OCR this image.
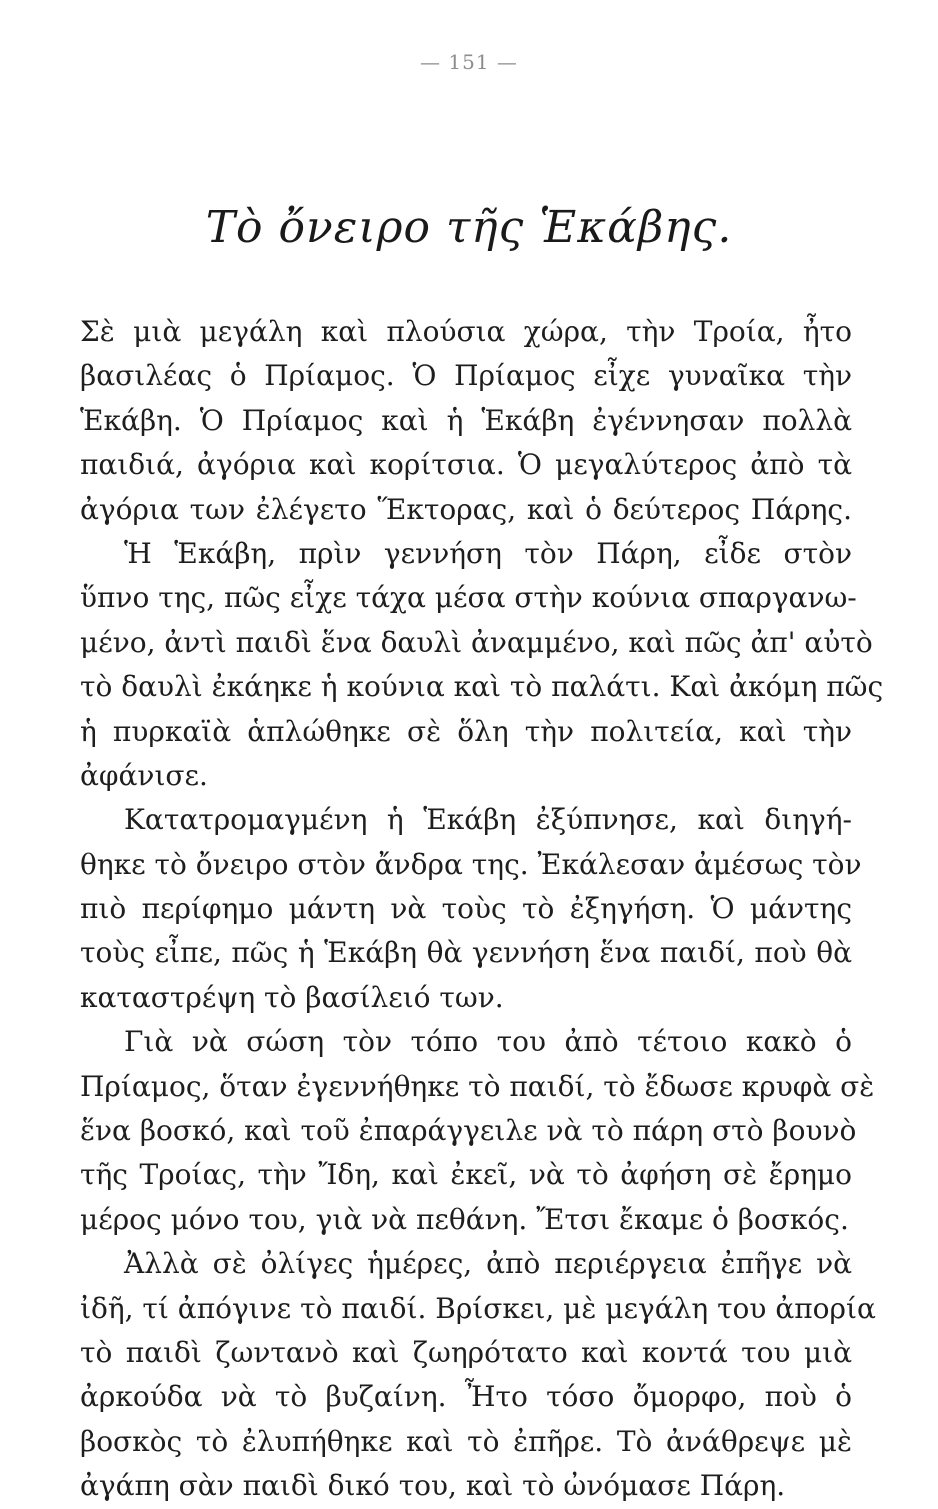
— 151 —
Τὸ ὄνειρο τῆς Ἑκάβης.
Σὲ μιὰ μεγάλη καὶ πλούσια χώρα, τὴν Τροία, ἦτο
βασιλέας ὁ Πρίαμος. Ὁ Πρίαμος εἶχε γυναῖκα τὴν
Ἑκάβη. Ὁ Πρίαμος καὶ ἡ Ἑκάβη ἐγέννησαν πολλὰ
παιδιά, ἀγόρια καὶ κορίτσια. Ὁ μεγαλύτερος ἀπὸ τὰ
ἀγόρια των ἐλέγετο Ἕκτορας, καὶ ὁ δεύτερος Πάρης.
Ἡ Ἑκάβη, πρὶν γεννήση τὸν Πάρη, εἶδε στὸν
ὕπνο της, πῶς εἶχε τάχα μέσα στὴν κούνια σπαργανω-
μένο, ἀντὶ παιδὶ ἕνα δαυλὶ ἀναμμένο, καὶ πῶς ἀπ' αὐτὸ
τὸ δαυλὶ ἐκάηκε ἡ κούνια καὶ τὸ παλάτι. Καὶ ἀκόμη πῶς
ἡ πυρκαϊὰ ἁπλώθηκε σὲ ὅλη τὴν πολιτεία, καὶ τὴν
ἀφάνισε.
Κατατρομαγμένη ἡ Ἑκάβη ἐξύπνησε, καὶ διηγή-
θηκε τὸ ὄνειρο στὸν ἄνδρα της. Ἐκάλεσαν ἀμέσως τὸν
πιὸ περίφημο μάντη νὰ τοὺς τὸ ἐξηγήση. Ὁ μάντης
τοὺς εἶπε, πῶς ἡ Ἑκάβη θὰ γεννήση ἕνα παιδί, ποὺ θὰ
καταστρέψη τὸ βασίλειό των.
Γιὰ νὰ σώση τὸν τόπο του ἀπὸ τέτοιο κακὸ ὁ
Πρίαμος, ὅταν ἐγεννήθηκε τὸ παιδί, τὸ ἔδωσε κρυφὰ σὲ
ἕνα βοσκό, καὶ τοῦ ἐπαράγγειλε νὰ τὸ πάρη στὸ βουνὸ
τῆς Τροίας, τὴν Ἴδη, καὶ ἐκεῖ, νὰ τὸ ἀφήση σὲ ἔρημο
μέρος μόνο του, γιὰ νὰ πεθάνη. Ἔτσι ἔκαμε ὁ βοσκός.
Ἀλλὰ σὲ ὀλίγες ἡμέρες, ἀπὸ περιέργεια ἐπῆγε νὰ
ἰδῆ, τί ἀπόγινε τὸ παιδί. Βρίσκει, μὲ μεγάλη του ἀπορία
τὸ παιδὶ ζωντανὸ καὶ ζωηρότατο καὶ κοντά του μιὰ
ἀρκούδα νὰ τὸ βυζαίνη. Ἦτο τόσο ὄμορφο, ποὺ ὁ
βοσκὸς τὸ ἐλυπήθηκε καὶ τὸ ἐπῆρε. Τὸ ἀνάθρεψε μὲ
ἀγάπη σὰν παιδὶ δικό του, καὶ τὸ ὠνόμασε Πάρη.
